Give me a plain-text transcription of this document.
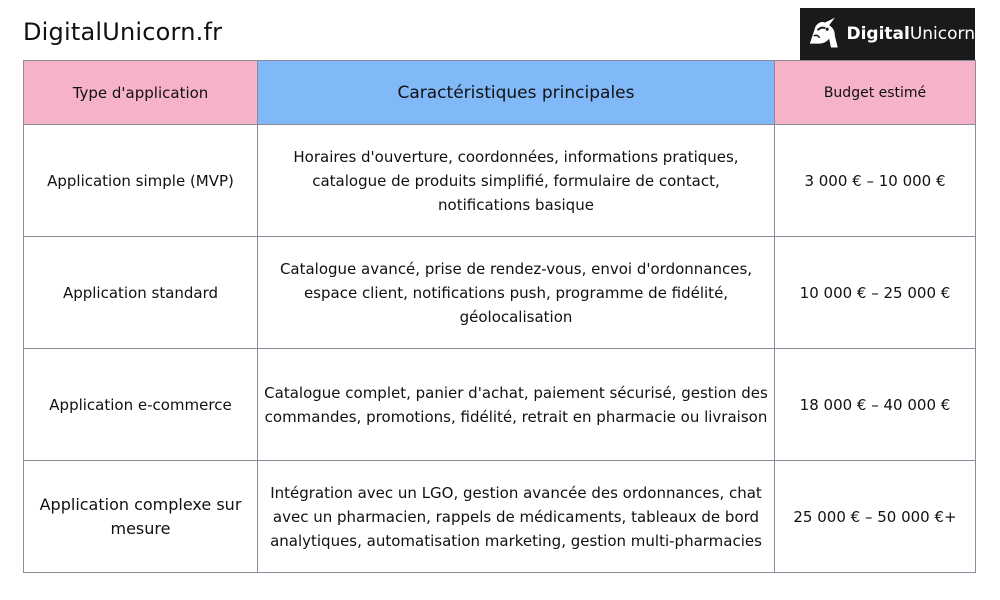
DigitalUnicorn.fr	DigitalUnicorn
Type d'application	Caractéristiques principales	Budget estimé
Application simple (MVP)	Horaires d'ouverture, coordonnées, informations pratiques, catalogue de produits simplifié, formulaire de contact, notifications basique	3 000 € – 10 000 €
Application standard	Catalogue avancé, prise de rendez-vous, envoi d'ordonnances, espace client, notifications push, programme de fidélité, géolocalisation	10 000 € – 25 000 €
Application e-commerce	Catalogue complet, panier d'achat, paiement sécurisé, gestion des commandes, promotions, fidélité, retrait en pharmacie ou livraison	18 000 € – 40 000 €
Application complexe sur mesure	Intégration avec un LGO, gestion avancée des ordonnances, chat avec un pharmacien, rappels de médicaments, tableaux de bord analytiques, automatisation marketing, gestion multi-pharmacies	25 000 € – 50 000 €+
